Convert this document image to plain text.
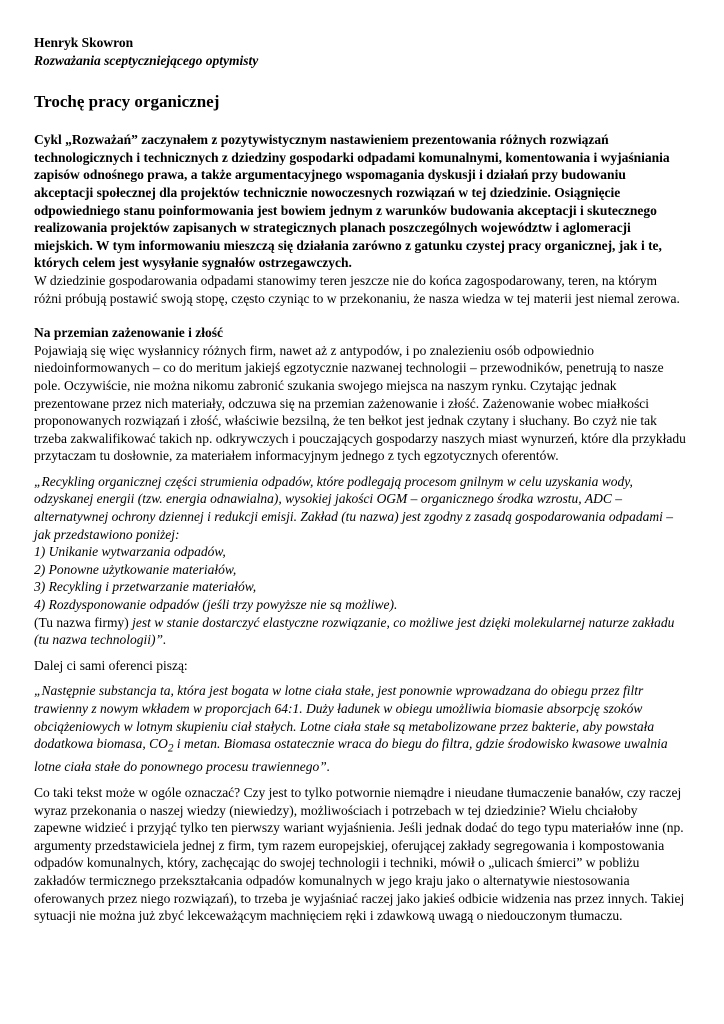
Henryk Skowron

Rozważania sceptyczniejącego optymisty

Trochę pracy organicznej

Cykl „Rozważań” zaczynałem z pozytywistycznym nastawieniem prezentowania różnych rozwiązań technologicznych i technicznych z dziedziny gospodarki odpadami komunalnymi, komentowania i wyjaśniania zapisów odnośnego prawa, a także argumentacyjnego wspomagania dyskusji i działań przy budowaniu akceptacji społecznej dla projektów technicznie nowoczesnych rozwiązań w tej dziedzinie. Osiągnięcie odpowiedniego stanu poinformowania jest bowiem jednym z warunków budowania akceptacji i skutecznego realizowania projektów zapisanych w strategicznych planach poszczególnych województw i aglomeracji miejskich. W tym informowaniu mieszczą się działania zarówno z gatunku czystej pracy organicznej, jak i te, których celem jest wysyłanie sygnałów ostrzegawczych.

W dziedzinie gospodarowania odpadami stanowimy teren jeszcze nie do końca zagospodarowany, teren, na którym różni próbują postawić swoją stopę, często czyniąc to w przekonaniu, że nasza wiedza w tej materii jest niemal zerowa.

Na przemian zażenowanie i złość

Pojawiają się więc wysłannicy różnych firm, nawet aż z antypodów, i po znalezieniu osób odpowiednio niedoinformowanych – co do meritum jakiejś egzotycznie nazwanej technologii – przewodników, penetrują to nasze pole. Oczywiście, nie można nikomu zabronić szukania swojego miejsca na naszym rynku. Czytając jednak prezentowane przez nich materiały, odczuwa się na przemian zażenowanie i złość. Zażenowanie wobec miałkości proponowanych rozwiązań i złość, właściwie bezsilną, że ten bełkot jest jednak czytany i słuchany. Bo czyż nie tak trzeba zakwalifikować takich np. odkrywczych i pouczających gospodarzy naszych miast wynurzeń, które dla przykładu przytaczam tu dosłownie, za materiałem informacyjnym jednego z tych egzotycznych oferentów.

„Recykling organicznej części strumienia odpadów, które podlegają procesom gnilnym w celu uzyskania wody, odzyskanej energii (tzw. energia odnawialna), wysokiej jakości OGM – organicznego środka wzrostu, ADC – alternatywnej ochrony dziennej i redukcji emisji. Zakład (tu nazwa) jest zgodny z zasadą gospodarowania odpadami – jak przedstawiono poniżej:

1) Unikanie wytwarzania odpadów,

2) Ponowne użytkowanie materiałów,

3) Recykling i przetwarzanie materiałów,

4) Rozdysponowanie odpadów (jeśli trzy powyższe nie są możliwe).

(Tu nazwa firmy) jest w stanie dostarczyć elastyczne rozwiązanie, co możliwe jest dzięki molekularnej naturze zakładu (tu nazwa technologii)”.

Dalej ci sami oferenci piszą:

„Następnie substancja ta, która jest bogata w lotne ciała stałe, jest ponownie wprowadzana do obiegu przez filtr trawienny z nowym wkładem w proporcjach 64:1. Duży ładunek w obiegu umożliwia biomasie absorpcję szoków obciążeniowych w lotnym skupieniu ciał stałych. Lotne ciała stałe są metabolizowane przez bakterie, aby powstała dodatkowa biomasa, $CO_2$ i metan. Biomasa ostatecznie wraca do biegu do filtra, gdzie środowisko kwasowe uwalnia lotne ciała stałe do ponownego procesu trawiennego”.

Co taki tekst może w ogóle oznaczać? Czy jest to tylko potwornie niemądre i nieudane tłumaczenie banałów, czy raczej wyraz przekonania o naszej wiedzy (niewiedzy), możliwościach i potrzebach w tej dziedzinie? Wielu chciałoby zapewne widzieć i przyjąć tylko ten pierwszy wariant wyjaśnienia. Jeśli jednak dodać do tego typu materiałów inne (np. argumenty przedstawiciela jednej z firm, tym razem europejskiej, oferującej zakłady segregowania i kompostowania odpadów komunalnych, który, zachęcając do swojej technologii i techniki, mówił o „ulicach śmierci” w pobliżu zakładów termicznego przekształcania odpadów komunalnych w jego kraju jako o alternatywie niestosowania oferowanych przez niego rozwiązań), to trzeba je wyjaśniać raczej jako jakieś odbicie widzenia nas przez innych. Takiej sytuacji nie można już zbyć lekceważącym machnięciem ręki i zdawkową uwagą o niedouczonym tłumaczu.
